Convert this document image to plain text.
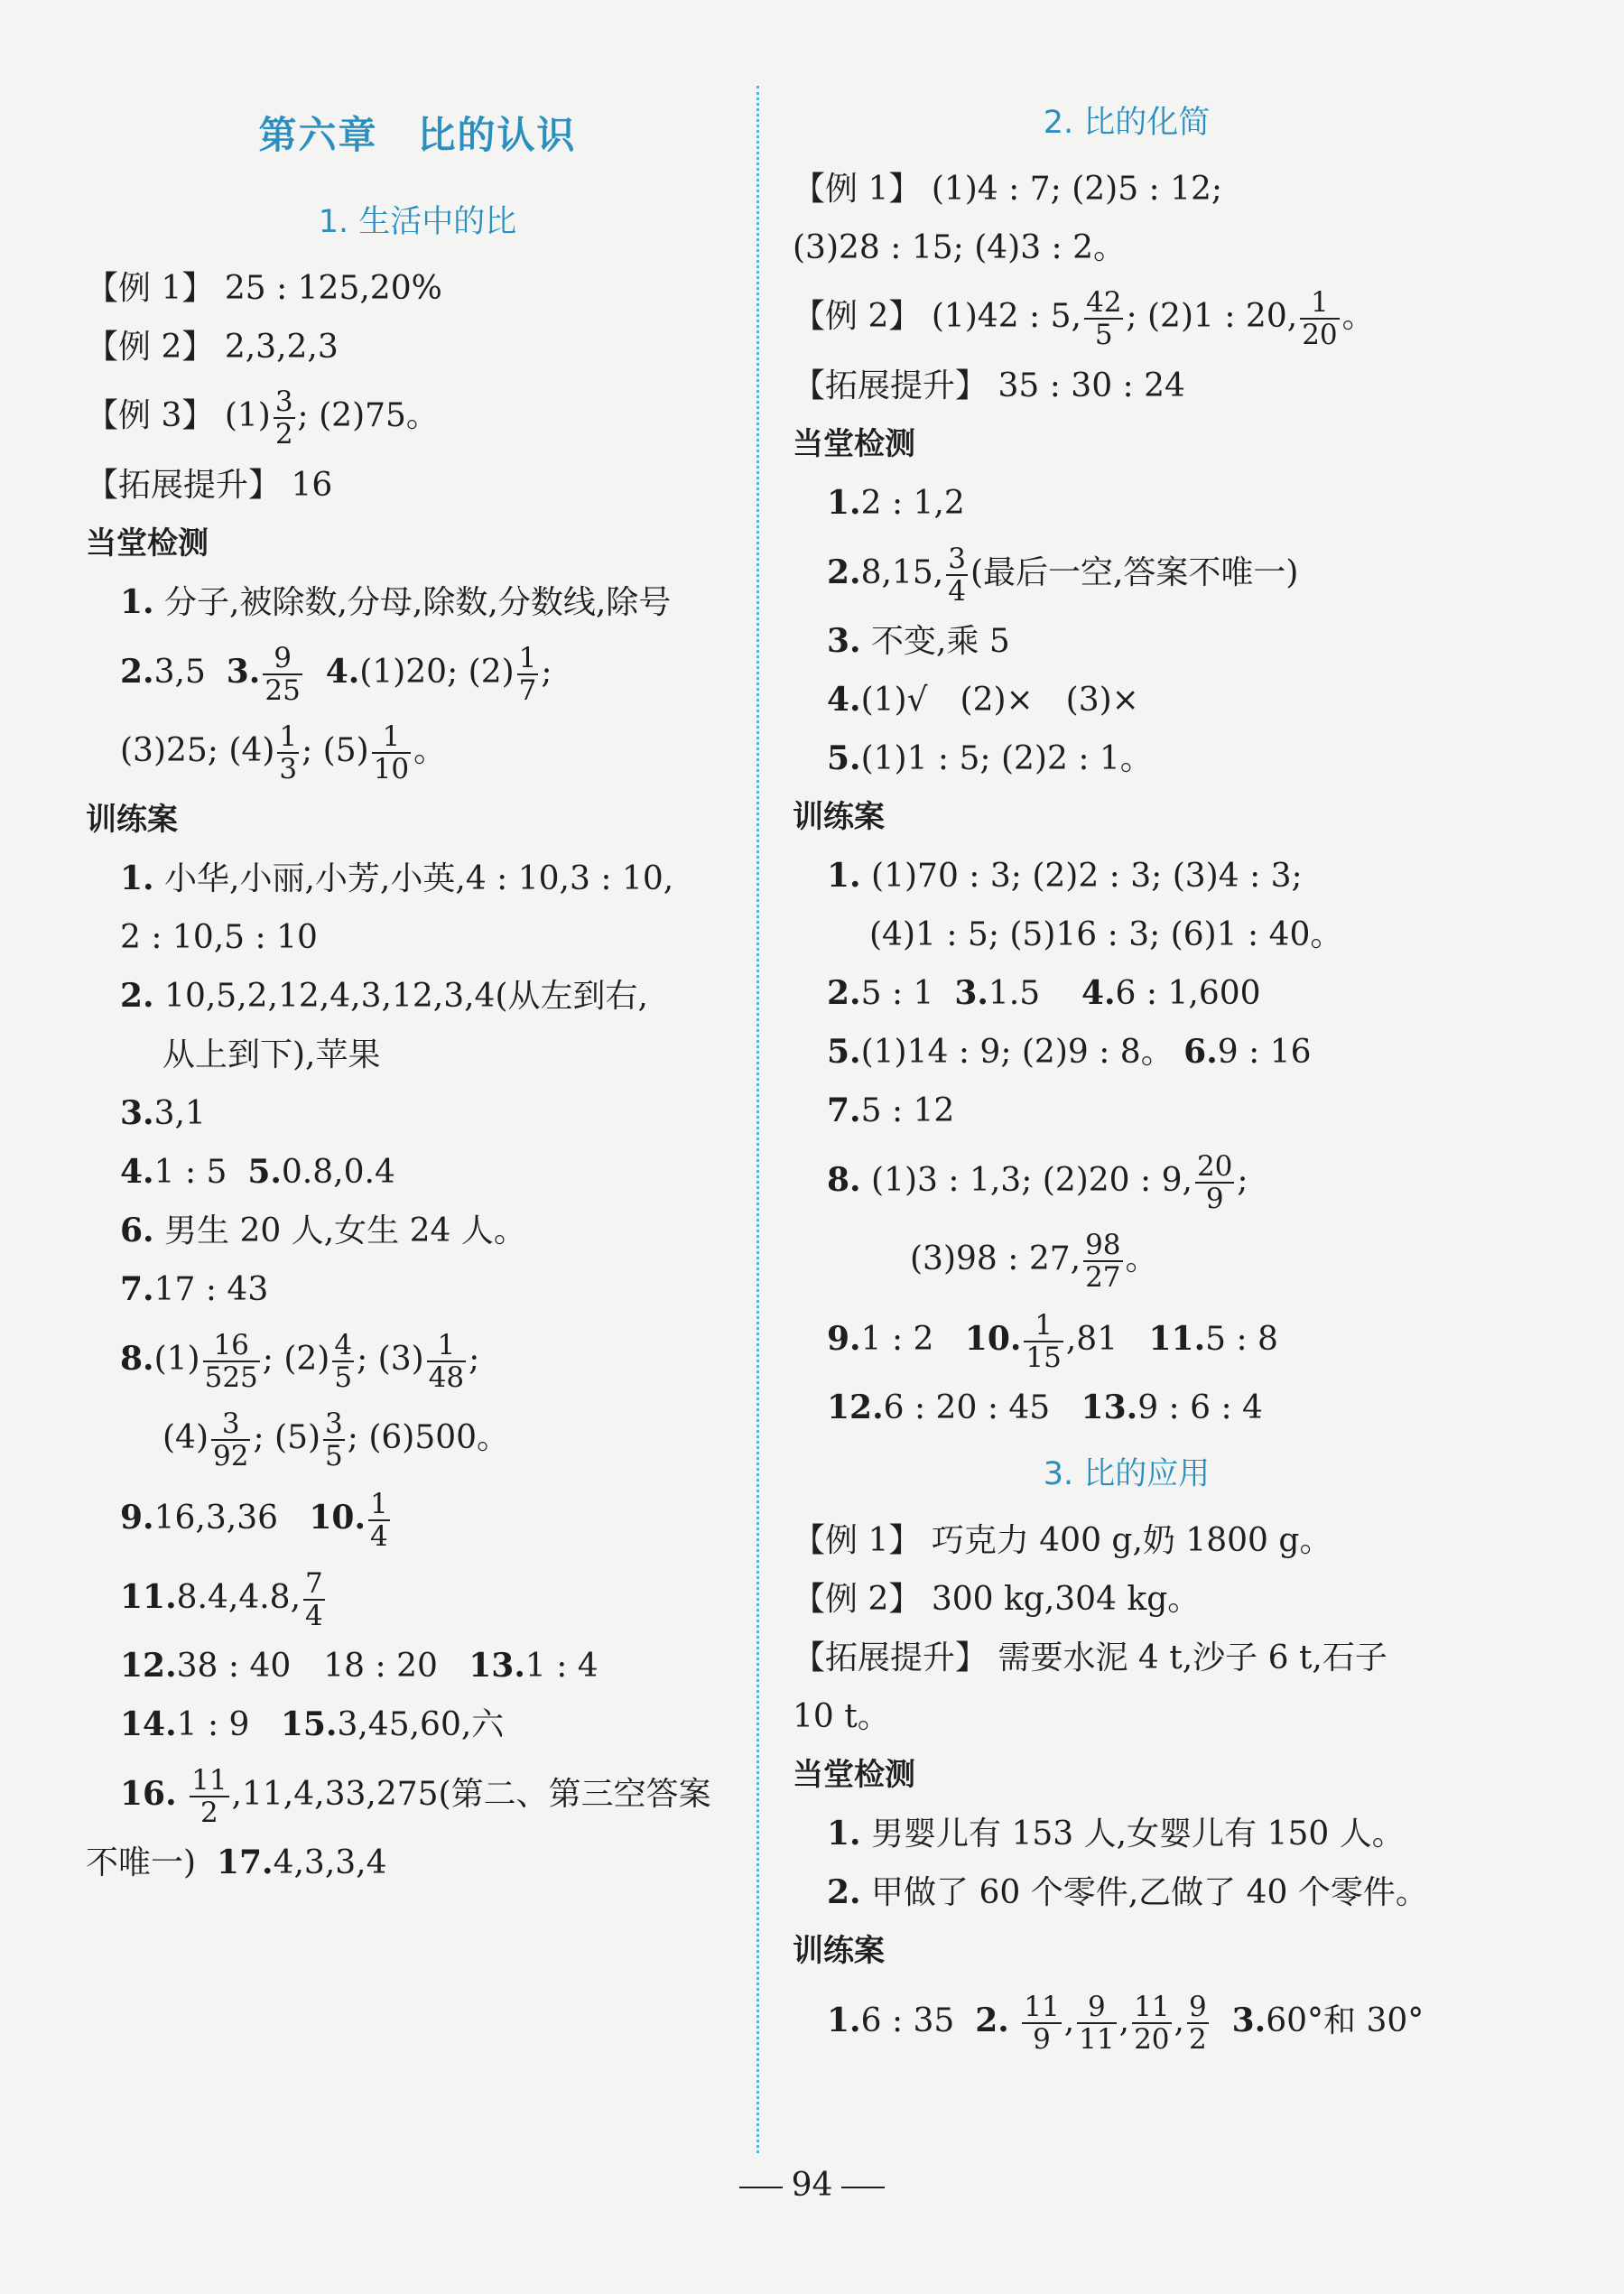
第六章　比的认识
1. 生活中的比
【例 1】 25 : 125,20%
【例 2】 2,3,2,3
【例 3】 $(1) \frac{3}{2}$ ; (2)75。
【拓展提升】 16
当堂检测
1. 分子,被除数,分母,除数,分数线,除号
2.3,5 3. $\frac{9}{25} 4.(1)20$; $(2) \frac{1}{7}$ ;
(3)25; $(4) \frac{1}{3}$ ; $(5) \frac{1}{10}$ 。
训练案
1. 小华,小丽,小芳,小英,4 : 10,3 : 10,
2 : 10,5 : 10
2. 10,5,2,12,4,3,12,3,4(从左到右,
从上到下),苹果
3.3,1
4.1 : 5 5.0.8,0.4
6. 男生 20 人,女生 24 人。
7.17 : 43
$8.(1) \frac{16}{525}$ ; $(2) \frac{4}{5}$ ; $(3) \frac{1}{48}$ ;
$(4) \frac{3}{92}$ ; $(5) \frac{3}{5}$ ; (6)500。
9.16,3,36 10. $\frac{1}{4}$
11.8.4,4.8, $\frac{7}{4}$
12.38 : 40　18 : 20 13.1 : 4
14.1 : 9 15.3,45,60,六
16. $\frac{11}{2} ,11,4,33,275$(第二、第三空答案
不唯一) 17.4,3,3,4
2. 比的化简
【例 1】 (1)4 : 7; (2)5 : 12;
(3)28 : 15; (4)3 : 2。
【例 2】 (1)42 : 5, $\frac{42}{5}$ ; (2)1 : 20, $\frac{1}{20}$ 。
【拓展提升】 35 : 30 : 24
当堂检测
1.2 : 1,2
2.8,15, $\frac{3}{4}$ (最后一空,答案不唯一)
3. 不变,乘 5
4.(1)√　(2)×　(3)×
5.(1)1 : 5; (2)2 : 1。
训练案
1. (1)70 : 3; (2)2 : 3; (3)4 : 3;
(4)1 : 5; (5)16 : 3; (6)1 : 40。
2.5 : 1 3.1.5 4.6 : 1,600
5.(1)14 : 9; (2)9 : 8。 6.9 : 16
7.5 : 12
8. (1)3 : 1,3; (2)20 : 9, $\frac{20}{9}$ ;
(3)98 : 27, $\frac{98}{27}$ 。
9.1 : 2 10. $\frac{1}{15} ,81$ 11.5 : 8
12.6 : 20 : 45 13.9 : 6 : 4
3. 比的应用
【例 1】 巧克力 400 g,奶 1800 g。
【例 2】 300 kg,304 kg。
【拓展提升】 需要水泥 4 t,沙子 6 t,石子
10 t。
当堂检测
1. 男婴儿有 153 人,女婴儿有 150 人。
2. 甲做了 60 个零件,乙做了 40 个零件。
训练案
1.6 : 35 2. $\frac{11}{9}$ , $\frac{9}{11}$ , $\frac{11}{20}$ , $\frac{9}{2} 3.60^\circ$和 30°
94
